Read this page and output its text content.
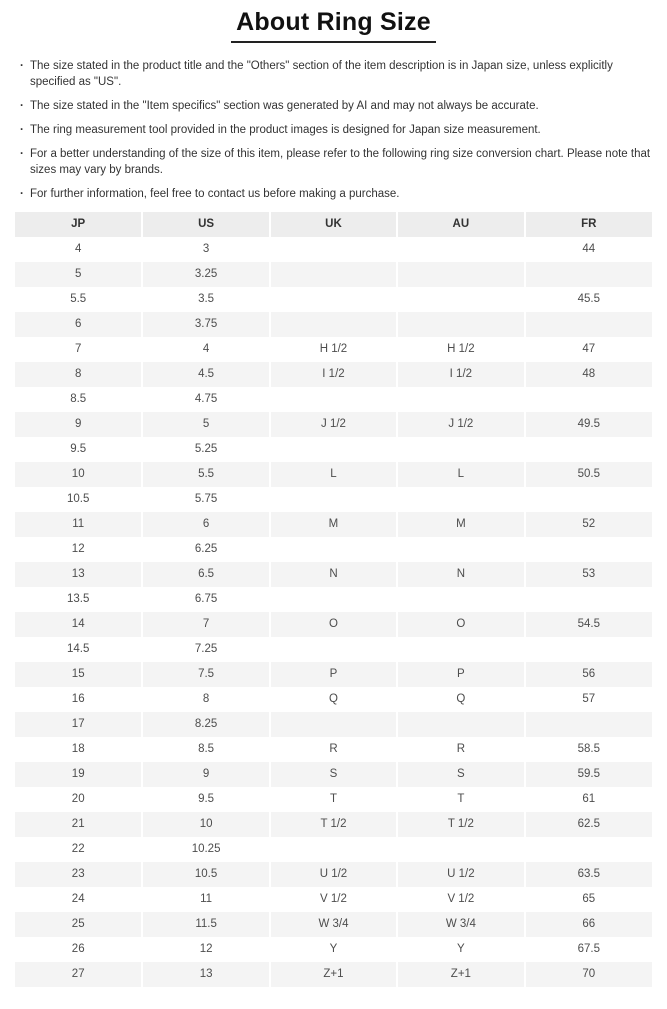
About Ring Size
· The size stated in the product title and the "Others" section of the item description is in Japan size, unless explicitly specified as "US".
· The size stated in the "Item specifics" section was generated by AI and may not always be accurate.
· The ring measurement tool provided in the product images is designed for Japan size measurement.
· For a better understanding of the size of this item, please refer to the following ring size conversion chart. Please note that sizes may vary by brands.
· For further information, feel free to contact us before making a purchase.
JP	US	UK	AU	FR
4	3			44
5	3.25			
5.5	3.5			45.5
6	3.75			
7	4	H 1/2	H 1/2	47
8	4.5	I 1/2	I 1/2	48
8.5	4.75			
9	5	J 1/2	J 1/2	49.5
9.5	5.25			
10	5.5	L	L	50.5
10.5	5.75			
11	6	M	M	52
12	6.25			
13	6.5	N	N	53
13.5	6.75			
14	7	O	O	54.5
14.5	7.25			
15	7.5	P	P	56
16	8	Q	Q	57
17	8.25			
18	8.5	R	R	58.5
19	9	S	S	59.5
20	9.5	T	T	61
21	10	T 1/2	T 1/2	62.5
22	10.25			
23	10.5	U 1/2	U 1/2	63.5
24	11	V 1/2	V 1/2	65
25	11.5	W 3/4	W 3/4	66
26	12	Y	Y	67.5
27	13	Z+1	Z+1	70
